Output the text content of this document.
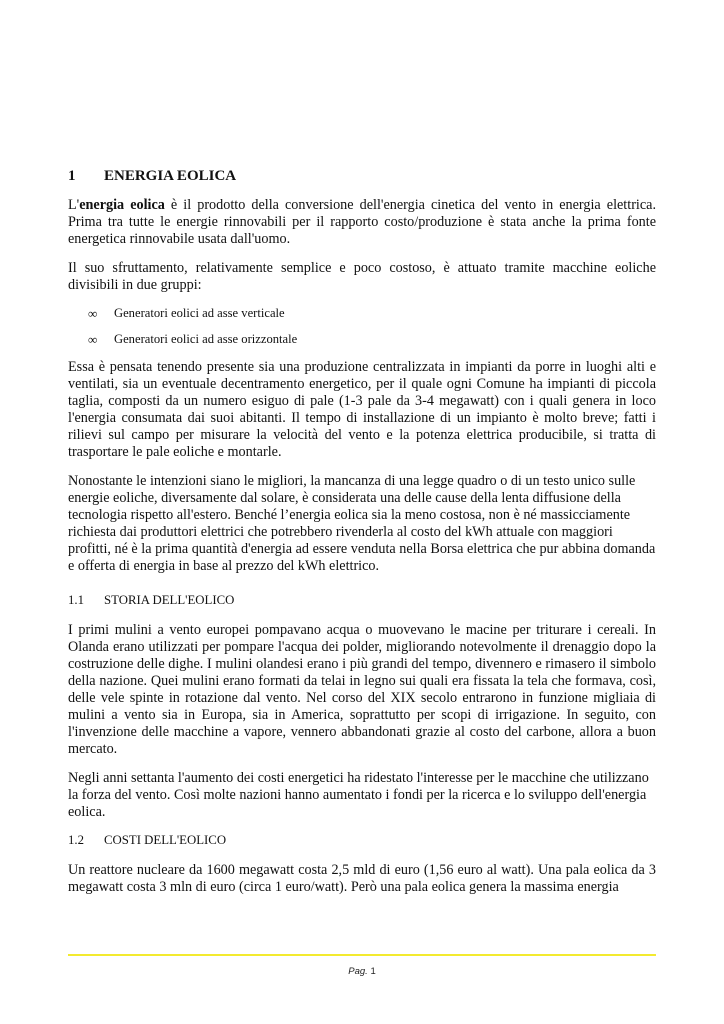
1	ENERGIA EOLICA

L'energia eolica è il prodotto della conversione dell'energia cinetica del vento in energia elettrica. Prima tra tutte le energie rinnovabili per il rapporto costo/produzione è stata anche la prima fonte energetica rinnovabile usata dall'uomo.

Il suo sfruttamento, relativamente semplice e poco costoso, è attuato tramite macchine eoliche divisibili in due gruppi:

∞	Generatori eolici ad asse verticale
∞	Generatori eolici ad asse orizzontale

Essa è pensata tenendo presente sia una produzione centralizzata in impianti da porre in luoghi alti e ventilati, sia un eventuale decentramento energetico, per il quale ogni Comune ha impianti di piccola taglia, composti da un numero esiguo di pale (1-3 pale da 3-4 megawatt) con i quali genera in loco l'energia consumata dai suoi abitanti. Il tempo di installazione di un impianto è molto breve; fatti i rilievi sul campo per misurare la velocità del vento e la potenza elettrica producibile, si tratta di trasportare le pale eoliche e montarle.

Nonostante le intenzioni siano le migliori, la mancanza di una legge quadro o di un testo unico sulle energie eoliche, diversamente dal solare, è considerata una delle cause della lenta diffusione della tecnologia rispetto all'estero. Benché l’energia eolica sia la meno costosa, non è né massicciamente richiesta dai produttori elettrici che potrebbero rivenderla al costo del kWh attuale con maggiori profitti, né è la prima quantità d'energia ad essere venduta nella Borsa elettrica che pur abbina domanda e offerta di energia in base al prezzo del kWh elettrico.

1.1	STORIA DELL'EOLICO

I primi mulini a vento europei pompavano acqua o muovevano le macine per triturare i cereali. In Olanda erano utilizzati per pompare l'acqua dei polder, migliorando notevolmente il drenaggio dopo la costruzione delle dighe. I mulini olandesi erano i più grandi del tempo, divennero e rimasero il simbolo della nazione. Quei mulini erano formati da telai in legno sui quali era fissata la tela che formava, così, delle vele spinte in rotazione dal vento. Nel corso del XIX secolo entrarono in funzione migliaia di mulini a vento sia in Europa, sia in America, soprattutto per scopi di irrigazione. In seguito, con l'invenzione delle macchine a vapore, vennero abbandonati grazie al costo del carbone, allora a buon mercato.

Negli anni settanta l'aumento dei costi energetici ha ridestato l'interesse per le macchine che utilizzano la forza del vento. Così molte nazioni hanno aumentato i fondi per la ricerca e lo sviluppo dell'energia eolica.

1.2	COSTI DELL'EOLICO

Un reattore nucleare da 1600 megawatt costa 2,5 mld di euro (1,56 euro al watt). Una pala eolica da 3 megawatt costa 3 mln di euro (circa 1 euro/watt). Però una pala eolica genera la massima energia

Pag. 1
